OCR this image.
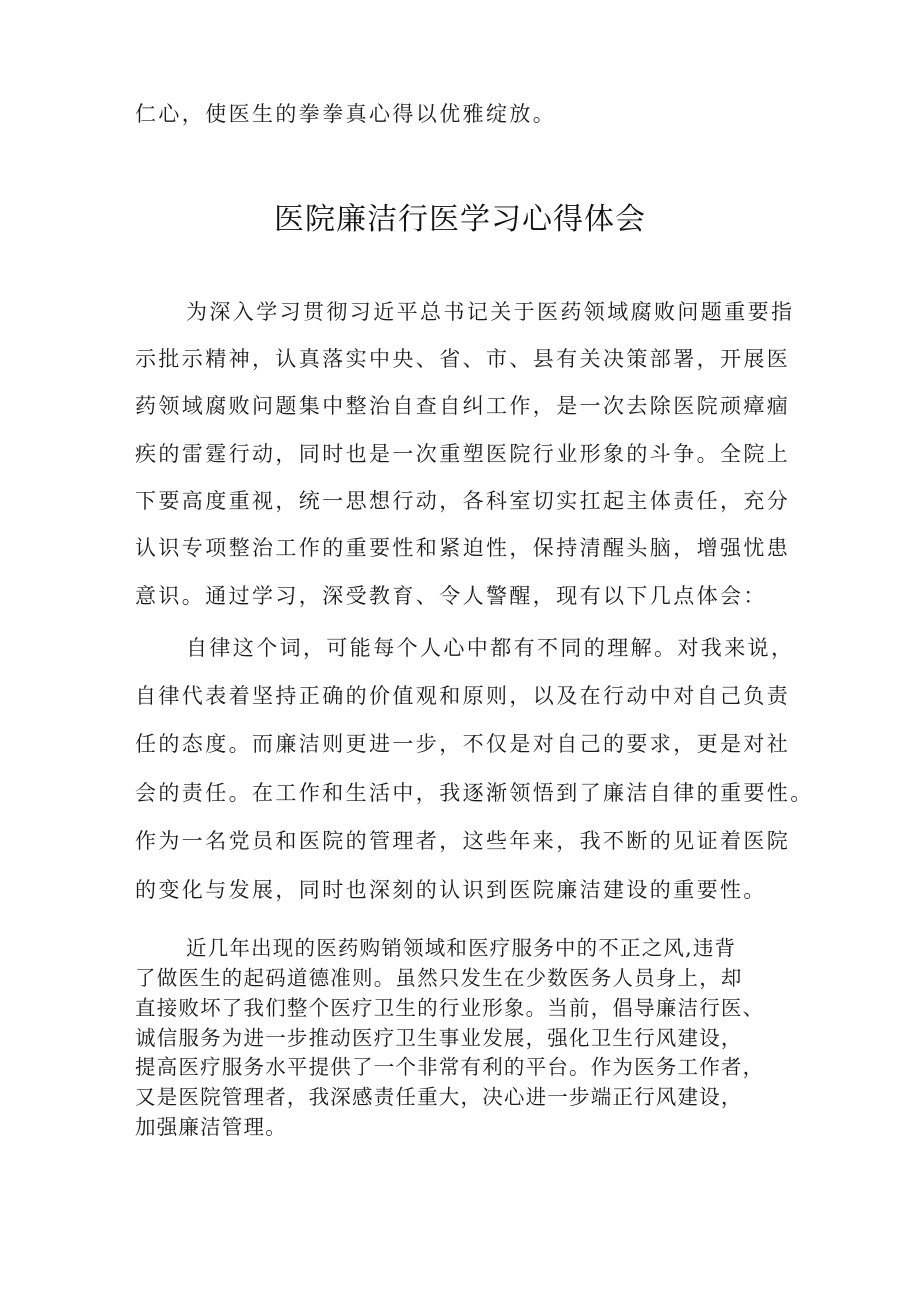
仁心，使医生的拳拳真心得以优雅绽放。
医院廉洁行医学习心得体会
为深入学习贯彻习近平总书记关于医药领域腐败问题重要指
示批示精神，认真落实中央、省、市、县有关决策部署，开展医
药领域腐败问题集中整治自查自纠工作，是一次去除医院顽瘴痼
疾的雷霆行动，同时也是一次重塑医院行业形象的斗争。全院上
下要高度重视，统一思想行动，各科室切实扛起主体责任，充分
认识专项整治工作的重要性和紧迫性，保持清醒头脑，增强忧患
意识。通过学习，深受教育、令人警醒，现有以下几点体会：
自律这个词，可能每个人心中都有不同的理解。对我来说，
自律代表着坚持正确的价值观和原则，以及在行动中对自己负责
任的态度。而廉洁则更进一步，不仅是对自己的要求，更是对社
会的责任。在工作和生活中，我逐渐领悟到了廉洁自律的重要性。
作为一名党员和医院的管理者，这些年来，我不断的见证着医院
的变化与发展，同时也深刻的认识到医院廉洁建设的重要性。
近几年出现的医药购销领域和医疗服务中的不正之风,违背
了做医生的起码道德准则。虽然只发生在少数医务人员身上，却
直接败坏了我们整个医疗卫生的行业形象。当前，倡导廉洁行医、
诚信服务为进一步推动医疗卫生事业发展，强化卫生行风建设，
提高医疗服务水平提供了一个非常有利的平台。作为医务工作者，
又是医院管理者，我深感责任重大，决心进一步端正行风建设，
加强廉洁管理。
